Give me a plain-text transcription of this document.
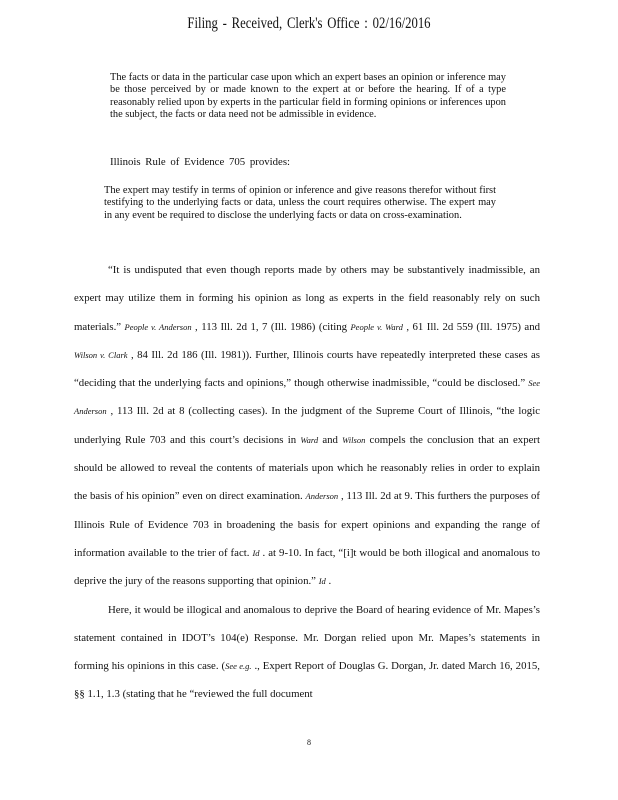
Filing - Received, Clerk's Office : 02/16/2016

The facts or data in the particular case upon which an expert bases an opinion or inference may be those perceived by or made known to the expert at or before the hearing. If of a type reasonably relied upon by experts in the particular field in forming opinions or inferences upon the subject, the facts or data need not be admissible in evidence.

Illinois Rule of Evidence 705 provides:

The expert may testify in terms of opinion or inference and give reasons therefor without first testifying to the underlying facts or data, unless the court requires otherwise. The expert may in any event be required to disclose the underlying facts or data on cross-examination.

“It is undisputed that even though reports made by others may be substantively inadmissible, an expert may utilize them in forming his opinion as long as experts in the field reasonably rely on such materials.” People v. Anderson , 113 Ill. 2d 1, 7 (Ill. 1986) (citing People v. Ward , 61 Ill. 2d 559 (Ill. 1975) and Wilson v. Clark , 84 Ill. 2d 186 (Ill. 1981)). Further, Illinois courts have repeatedly interpreted these cases as “deciding that the underlying facts and opinions,” though otherwise inadmissible, “could be disclosed.” See Anderson , 113 Ill. 2d at 8 (collecting cases). In the judgment of the Supreme Court of Illinois, “the logic underlying Rule 703 and this court’s decisions in Ward and Wilson compels the conclusion that an expert should be allowed to reveal the contents of materials upon which he reasonably relies in order to explain the basis of his opinion” even on direct examination. Anderson , 113 Ill. 2d at 9. This furthers the purposes of Illinois Rule of Evidence 703 in broadening the basis for expert opinions and expanding the range of information available to the trier of fact. Id . at 9-10. In fact, “[i]t would be both illogical and anomalous to deprive the jury of the reasons supporting that opinion.” Id .

Here, it would be illogical and anomalous to deprive the Board of hearing evidence of Mr. Mapes’s statement contained in IDOT’s 104(e) Response. Mr. Dorgan relied upon Mr. Mapes’s statements in forming his opinions in this case. (See e.g. ., Expert Report of Douglas G. Dorgan, Jr. dated March 16, 2015, §§ 1.1, 1.3 (stating that he “reviewed the full document

8
